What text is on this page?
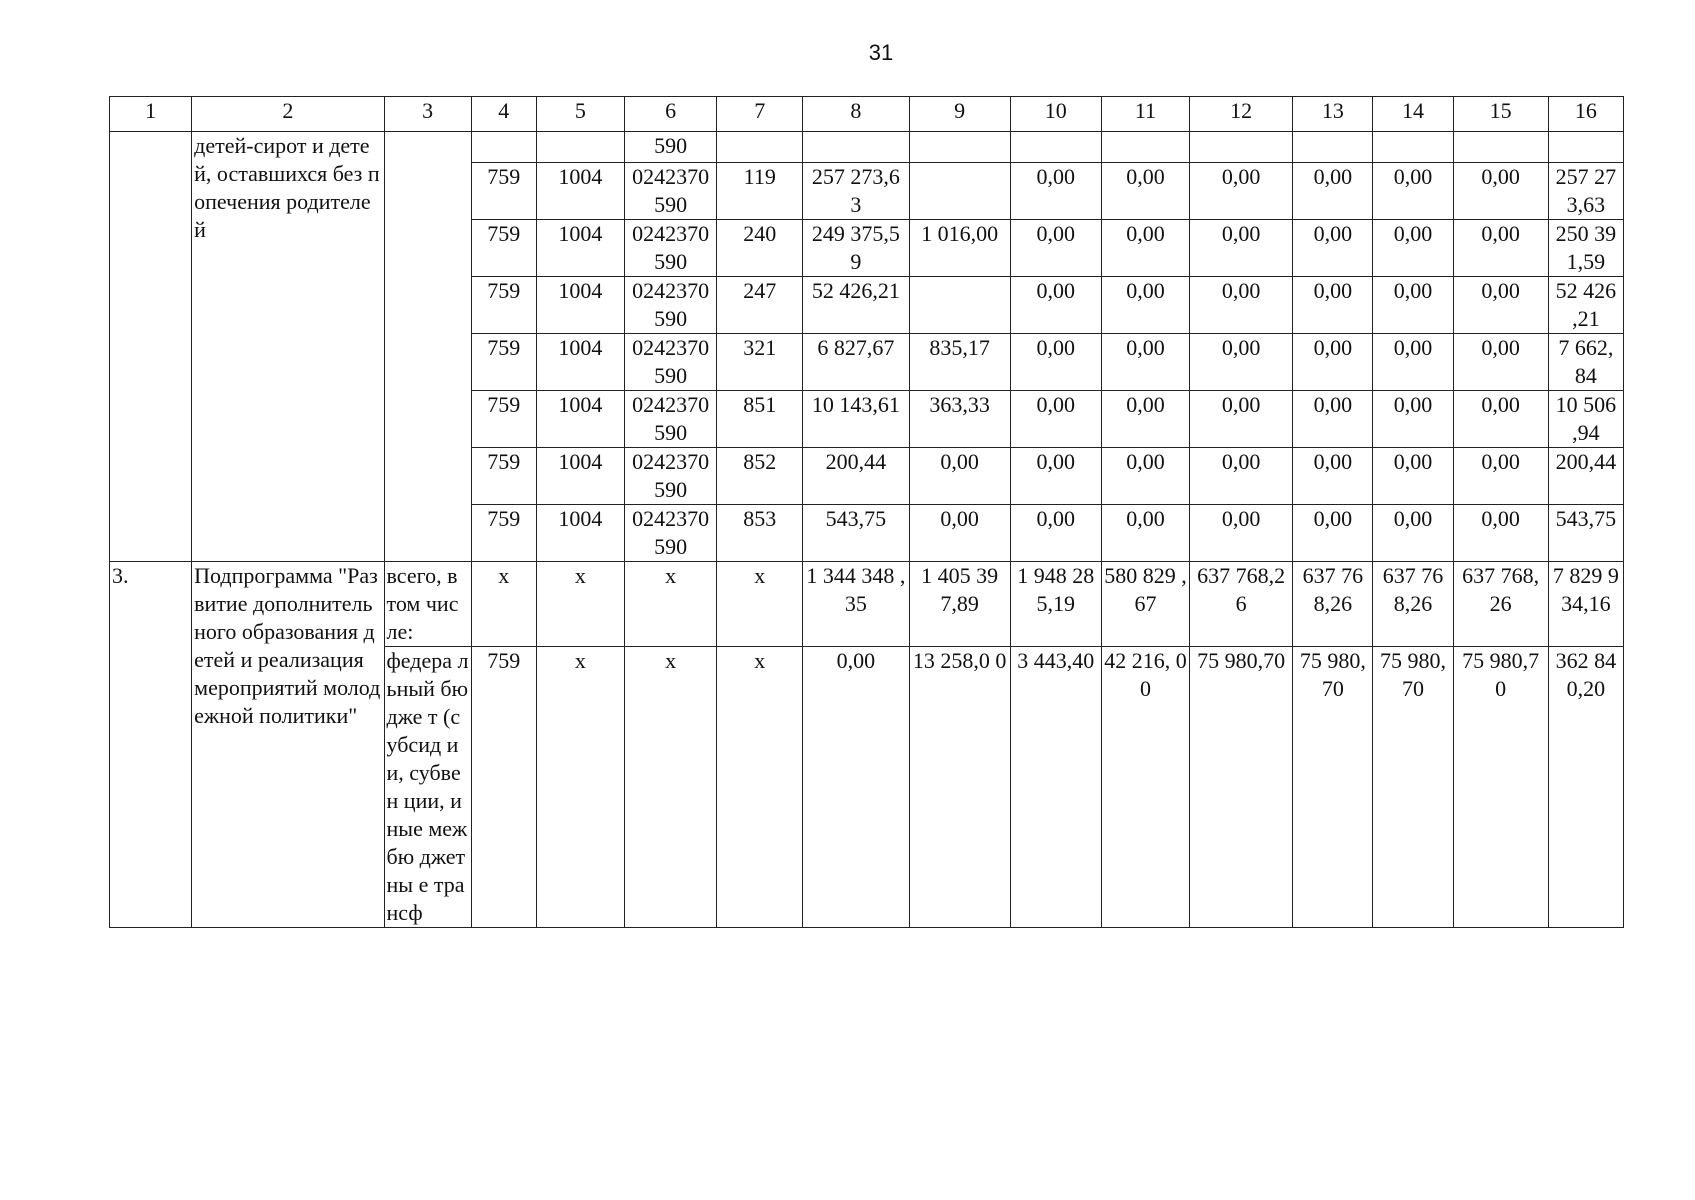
31
1	2	3	4	5	6	7	8	9	10	11	12	13	14	15	16
	детей-сирот и детей, оставшихся без попечения родителей				590										
			759	1004	0242370 590	119	257 273,6 3		0,00	0,00	0,00	0,00	0,00	0,00	257 27 3,63
			759	1004	0242370 590	240	249 375,5 9	1 016,00	0,00	0,00	0,00	0,00	0,00	0,00	250 39 1,59
			759	1004	0242370 590	247	52 426,21		0,00	0,00	0,00	0,00	0,00	0,00	52 426 ,21
			759	1004	0242370 590	321	6 827,67	835,17	0,00	0,00	0,00	0,00	0,00	0,00	7 662, 84
			759	1004	0242370 590	851	10 143,61	363,33	0,00	0,00	0,00	0,00	0,00	0,00	10 506 ,94
			759	1004	0242370 590	852	200,44	0,00	0,00	0,00	0,00	0,00	0,00	0,00	200,44
			759	1004	0242370 590	853	543,75	0,00	0,00	0,00	0,00	0,00	0,00	0,00	543,75
3.	Подпрограмма "Развитие дополнительного образования детей и реализация мероприятий молодежной политики"	всего, в том числе:	х	х	х	х	1 344 348 ,35	1 405 39 7,89	1 948 28 5,19	580 829 ,67	637 768,2 6	637 76 8,26	637 76 8,26	637 768, 26	7 829 934,16
		федера льный бюдже т (субсид ии, субвен ции, иные межбю джетны е трансф	759	х	х	х	0,00	13 258,0 0	3 443,40	42 216, 00	75 980,70	75 980, 70	75 980, 70	75 980,7 0	362 84 0,20
